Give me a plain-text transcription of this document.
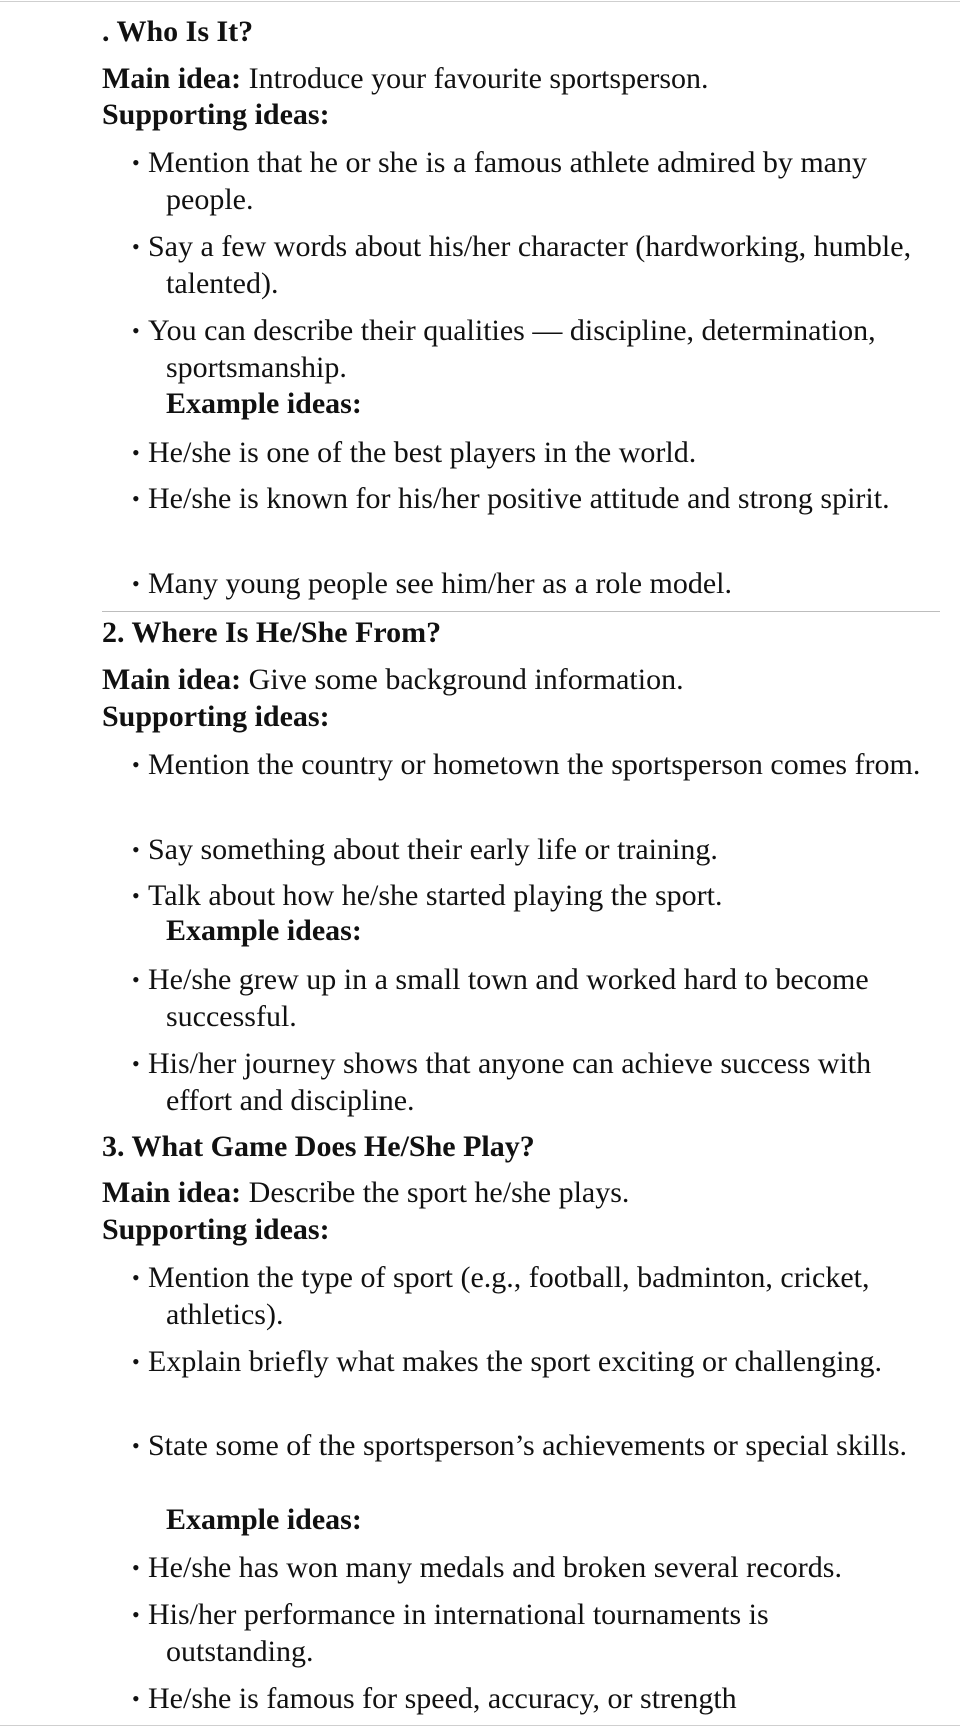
. Who Is It?
Main idea: Introduce your favourite sportsperson.
Supporting ideas:
• Mention that he or she is a famous athlete admired by many people.
• Say a few words about his/her character (hardworking, humble, talented).
• You can describe their qualities — discipline, determination, sportsmanship.
Example ideas:
• He/she is one of the best players in the world.
• He/she is known for his/her positive attitude and strong spirit.
• Many young people see him/her as a role model.
2. Where Is He/She From?
Main idea: Give some background information.
Supporting ideas:
• Mention the country or hometown the sportsperson comes from.
• Say something about their early life or training.
• Talk about how he/she started playing the sport.
Example ideas:
• He/she grew up in a small town and worked hard to become successful.
• His/her journey shows that anyone can achieve success with effort and discipline.
3. What Game Does He/She Play?
Main idea: Describe the sport he/she plays.
Supporting ideas:
• Mention the type of sport (e.g., football, badminton, cricket, athletics).
• Explain briefly what makes the sport exciting or challenging.
• State some of the sportsperson’s achievements or special skills.
Example ideas:
• He/she has won many medals and broken several records.
• His/her performance in international tournaments is outstanding.
• He/she is famous for speed, accuracy, or strength
